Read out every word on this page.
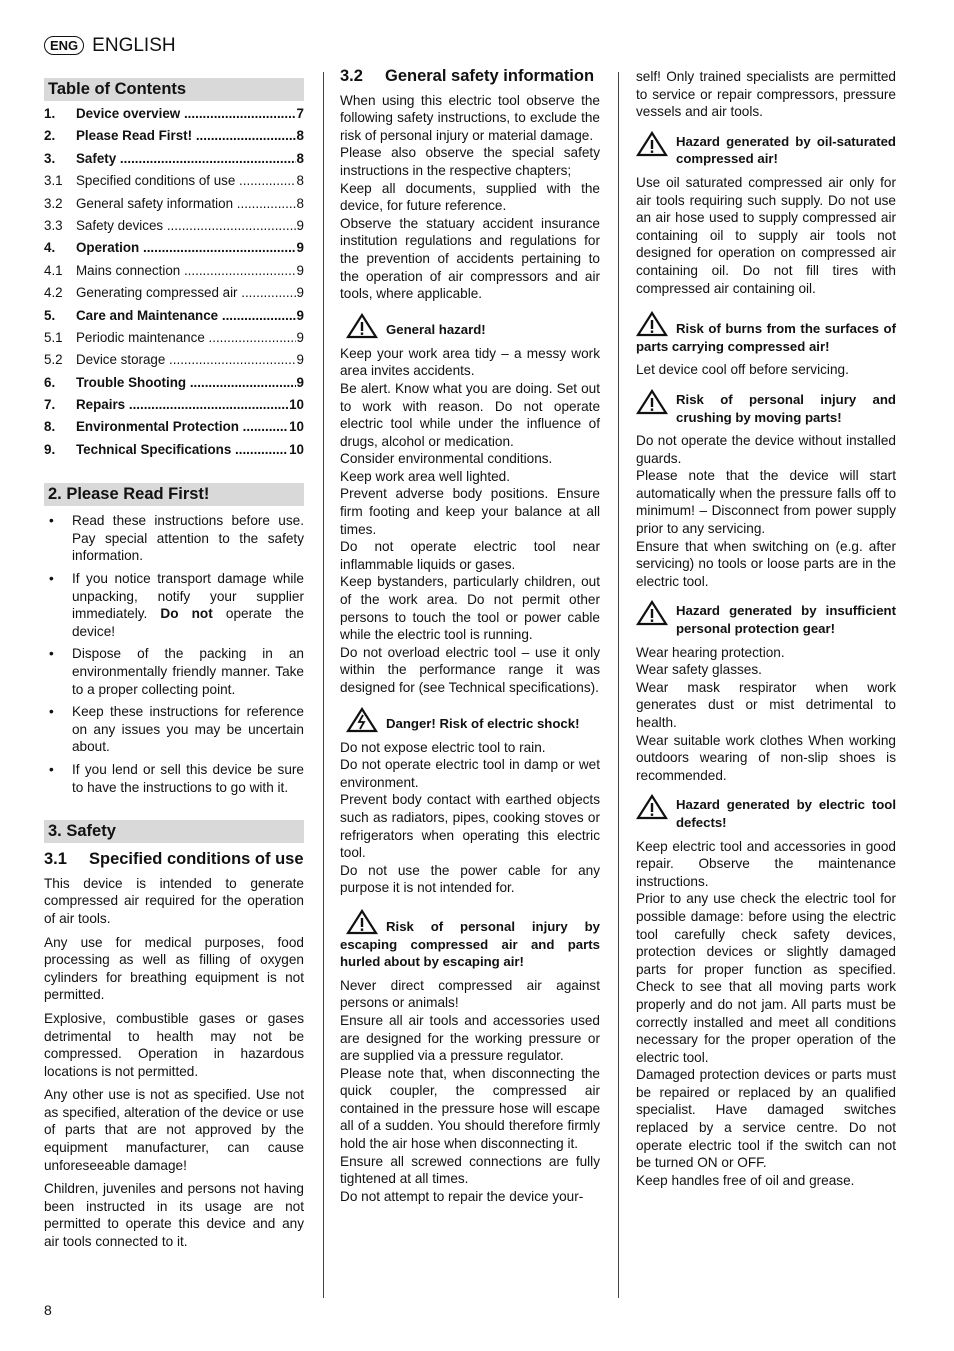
ENG ENGLISH
Table of Contents
1.	Device overview .....	7
2.	Please Read First! .....	8
3.	Safety .....	8
3.1 Specified conditions of use .....	8
3.2 General safety information .....	8
3.3 Safety devices .....	9
4.	Operation .....	9
4.1 Mains connection .....	9
4.2 Generating compressed air .....	9
5.	Care and Maintenance .....	9
5.1 Periodic maintenance .....	9
5.2 Device storage .....	9
6.	Trouble Shooting .....	9
7.	Repairs .....	10
8.	Environmental Protection .....	10
9.	Technical Specifications .....	10
2. Please Read First!
• Read these instructions before use. Pay special attention to the safety information.
• If you notice transport damage while unpacking, notify your supplier immediately. Do not operate the device!
• Dispose of the packing in an environmentally friendly manner. Take to a proper collecting point.
• Keep these instructions for reference on any issues you may be uncertain about.
• If you lend or sell this device be sure to have the instructions to go with it.
3. Safety
3.1	Specified conditions of use

This device is intended to generate compressed air required for the operation of air tools.

Any use for medical purposes, food processing as well as filling of oxygen cylinders for breathing equipment is not permitted.

Explosive, combustible gases or gases detrimental to health may not be compressed. Operation in hazardous locations is not permitted.

Any other use is not as specified. Use not as specified, alteration of the device or use of parts that are not approved by the equipment manufacturer, can cause unforeseeable damage!

Children, juveniles and persons not having been instructed in its usage are not permitted to operate this device and any air tools connected to it.

3.2	General safety information

When using this electric tool observe the following safety instructions, to exclude the risk of personal injury or material damage.

Please also observe the special safety instructions in the respective chapters;

Keep all documents, supplied with the device, for future reference.

Observe the statuary accident insurance institution regulations and regulations for the prevention of accidents pertaining to the operation of air compressors and air tools, where applicable.

General hazard!

Keep your work area tidy – a messy work area invites accidents.

Be alert. Know what you are doing. Set out to work with reason. Do not operate electric tool while under the influence of drugs, alcohol or medication.

Consider environmental conditions.

Keep work area well lighted.

Prevent adverse body positions. Ensure firm footing and keep your balance at all times.

Do not operate electric tool near inflammable liquids or gases.

Keep bystanders, particularly children, out of the work area. Do not permit other persons to touch the tool or power cable while the electric tool is running.

Do not overload electric tool – use it only within the performance range it was designed for (see Technical specifications).

Danger! Risk of electric shock!

Do not expose electric tool to rain.

Do not operate electric tool in damp or wet environment.

Prevent body contact with earthed objects such as radiators, pipes, cooking stoves or refrigerators when operating this electric tool.

Do not use the power cable for any purpose it is not intended for.

Risk of personal injury by escaping compressed air and parts hurled about by escaping air!

Never direct compressed air against persons or animals!

Ensure all air tools and accessories used are designed for the working pressure or are supplied via a pressure regulator.

Please note that, when disconnecting the quick coupler, the compressed air contained in the pressure hose will escape all of a sudden. You should therefore firmly hold the air hose when disconnecting it.

Ensure all screwed connections are fully tightened at all times.

Do not attempt to repair the device your-

self! Only trained specialists are permitted to service or repair compressors, pressure vessels and air tools.

Hazard generated by oil-saturated compressed air!

Use oil saturated compressed air only for air tools requiring such supply. Do not use an air hose used to supply compressed air containing oil to supply air tools not designed for operation on compressed air containing oil. Do not fill tires with compressed air containing oil.

Risk of burns from the surfaces of parts carrying compressed air!

Let device cool off before servicing.

Risk of personal injury and crushing by moving parts!

Do not operate the device without installed guards.

Please note that the device will start automatically when the pressure falls off to minimum! – Disconnect from power supply prior to any servicing.

Ensure that when switching on (e.g. after servicing) no tools or loose parts are in the electric tool.

Hazard generated by insufficient personal protection gear!

Wear hearing protection.

Wear safety glasses.

Wear mask respirator when work generates dust or mist detrimental to health.

Wear suitable work clothes When working outdoors wearing of non-slip shoes is recommended.

Hazard generated by electric tool defects!

Keep electric tool and accessories in good repair. Observe the maintenance instructions.

Prior to any use check the electric tool for possible damage: before using the electric tool carefully check safety devices, protection devices or slightly damaged parts for proper function as specified. Check to see that all moving parts work properly and do not jam. All parts must be correctly installed and meet all conditions necessary for the proper operation of the electric tool.

Damaged protection devices or parts must be repaired or replaced by an qualified specialist. Have damaged switches replaced by a service centre. Do not operate electric tool if the switch can not be turned ON or OFF.

Keep handles free of oil and grease.

8
